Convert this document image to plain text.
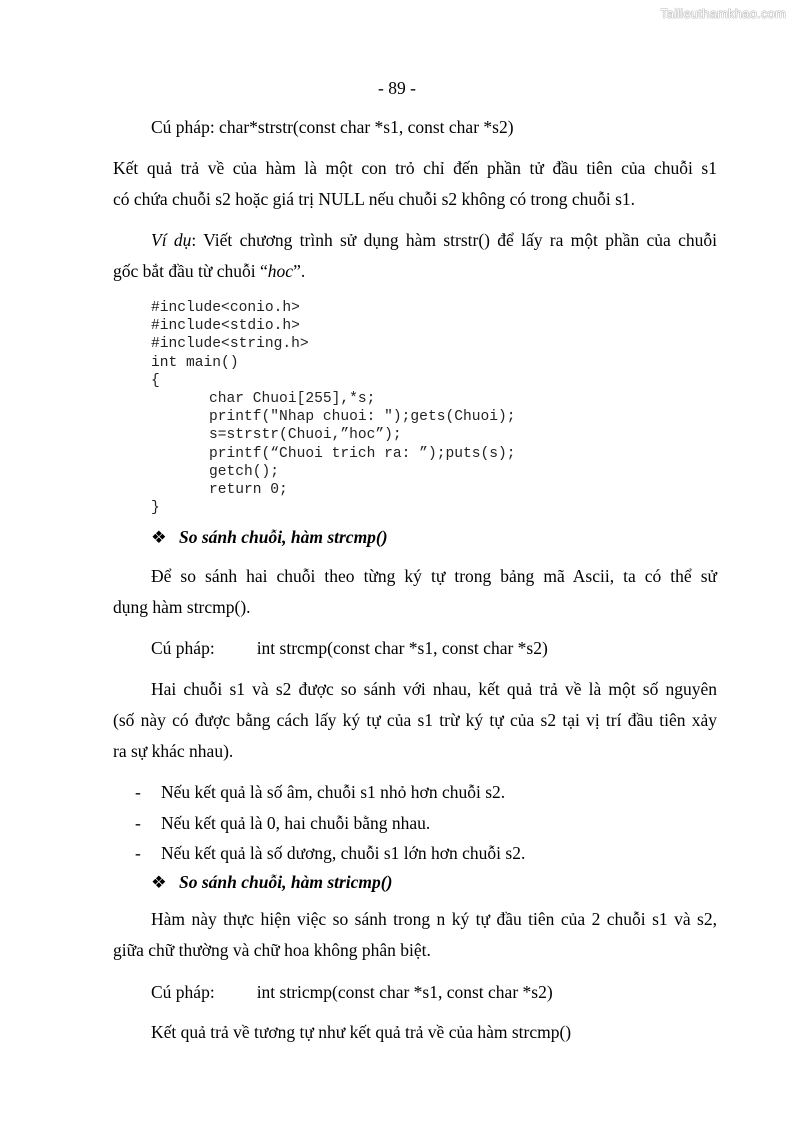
Tailieuthamkhao.com
- 89 -
Cú pháp: char*strstr(const char *s1, const char *s2)
Kết quả trả về của hàm là một con trỏ chỉ đến phần tử đầu tiên của chuỗi s1
có chứa chuỗi s2 hoặc giá trị NULL nếu chuỗi s2 không có trong chuỗi s1.
Ví dụ: Viết chương trình sử dụng hàm strstr() để lấy ra một phần của chuỗi
gốc bắt đầu từ chuỗi “hoc”.
#include<conio.h>
#include<stdio.h>
#include<string.h>
int main()
{
char Chuoi[255],*s;
printf("Nhap chuoi: ");gets(Chuoi);
s=strstr(Chuoi,”hoc”);
printf(“Chuoi trich ra: ”);puts(s);
getch();
return 0;
}
❖ So sánh chuỗi, hàm strcmp()
Để so sánh hai chuỗi theo từng ký tự trong bảng mã Ascii, ta có thể sử
dụng hàm strcmp().
Cú pháp: int strcmp(const char *s1, const char *s2)
Hai chuỗi s1 và s2 được so sánh với nhau, kết quả trả về là một số nguyên
(số này có được bằng cách lấy ký tự của s1 trừ ký tự của s2 tại vị trí đầu tiên xảy
ra sự khác nhau).
- Nếu kết quả là số âm, chuỗi s1 nhỏ hơn chuỗi s2.
- Nếu kết quả là 0, hai chuỗi bằng nhau.
- Nếu kết quả là số dương, chuỗi s1 lớn hơn chuỗi s2.
❖ So sánh chuỗi, hàm stricmp()
Hàm này thực hiện việc so sánh trong n ký tự đầu tiên của 2 chuỗi s1 và s2,
giữa chữ thường và chữ hoa không phân biệt.
Cú pháp: int stricmp(const char *s1, const char *s2)
Kết quả trả về tương tự như kết quả trả về của hàm strcmp()
